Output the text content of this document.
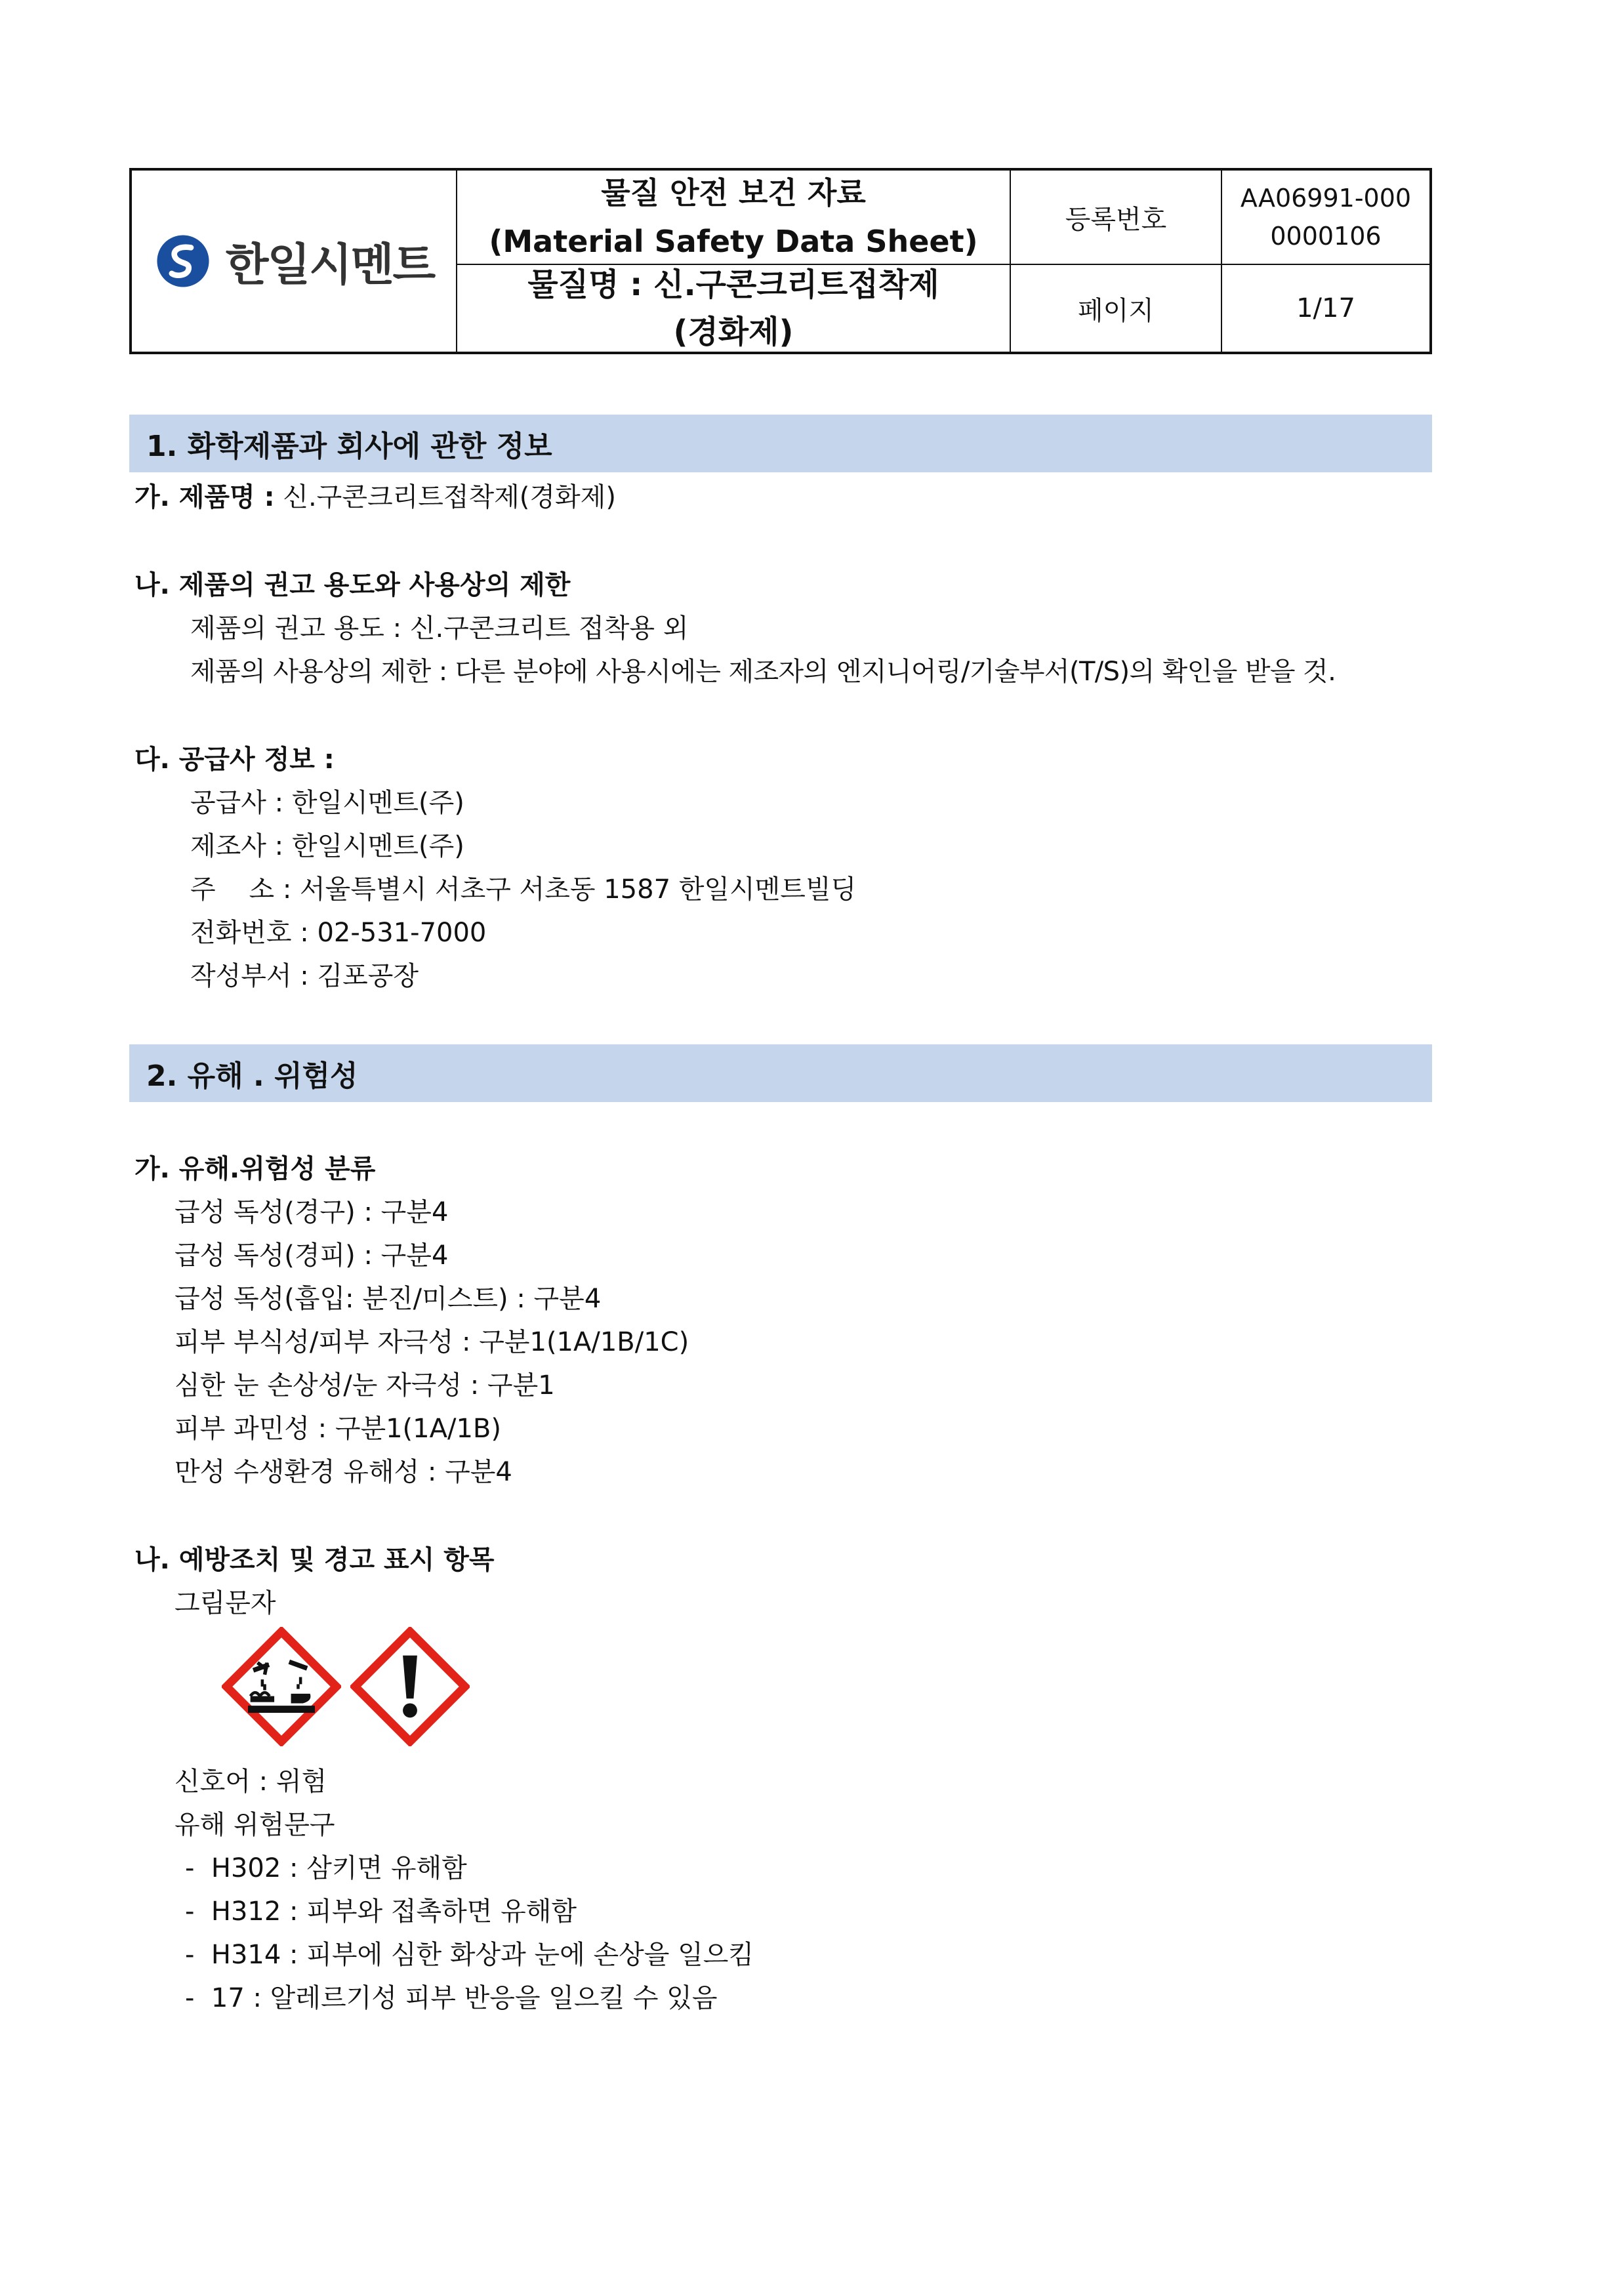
한일시멘트
물질 안전 보건 자료
(Material Safety Data Sheet)
물질명 : 신.구콘크리트접착제
(경화제)
등록번호
AA06991-000
0000106
페이지	1/17
1. 화학제품과 회사에 관한 정보
가. 제품명 : 신.구콘크리트접착제(경화제)
나. 제품의 권고 용도와 사용상의 제한
제품의 권고 용도 : 신.구콘크리트 접착용 외
제품의 사용상의 제한 : 다른 분야에 사용시에는 제조자의 엔지니어링/기술부서(T/S)의 확인을 받을 것.
다. 공급사 정보 :
공급사 : 한일시멘트(주)
제조사 : 한일시멘트(주)
주    소 : 서울특별시 서초구 서초동 1587 한일시멘트빌딩
전화번호 : 02-531-7000
작성부서 : 김포공장
2. 유해 . 위험성
가. 유해.위험성 분류
급성 독성(경구) : 구분4
급성 독성(경피) : 구분4
급성 독성(흡입: 분진/미스트) : 구분4
피부 부식성/피부 자극성 : 구분1(1A/1B/1C)
심한 눈 손상성/눈 자극성 : 구분1
피부 과민성 : 구분1(1A/1B)
만성 수생환경 유해성 : 구분4
나. 예방조치 및 경고 표시 항목
그림문자
신호어 : 위험
유해 위험문구
-  H302 : 삼키면 유해함
-  H312 : 피부와 접촉하면 유해함
-  H314 : 피부에 심한 화상과 눈에 손상을 일으킴
-  17 : 알레르기성 피부 반응을 일으킬 수 있음
